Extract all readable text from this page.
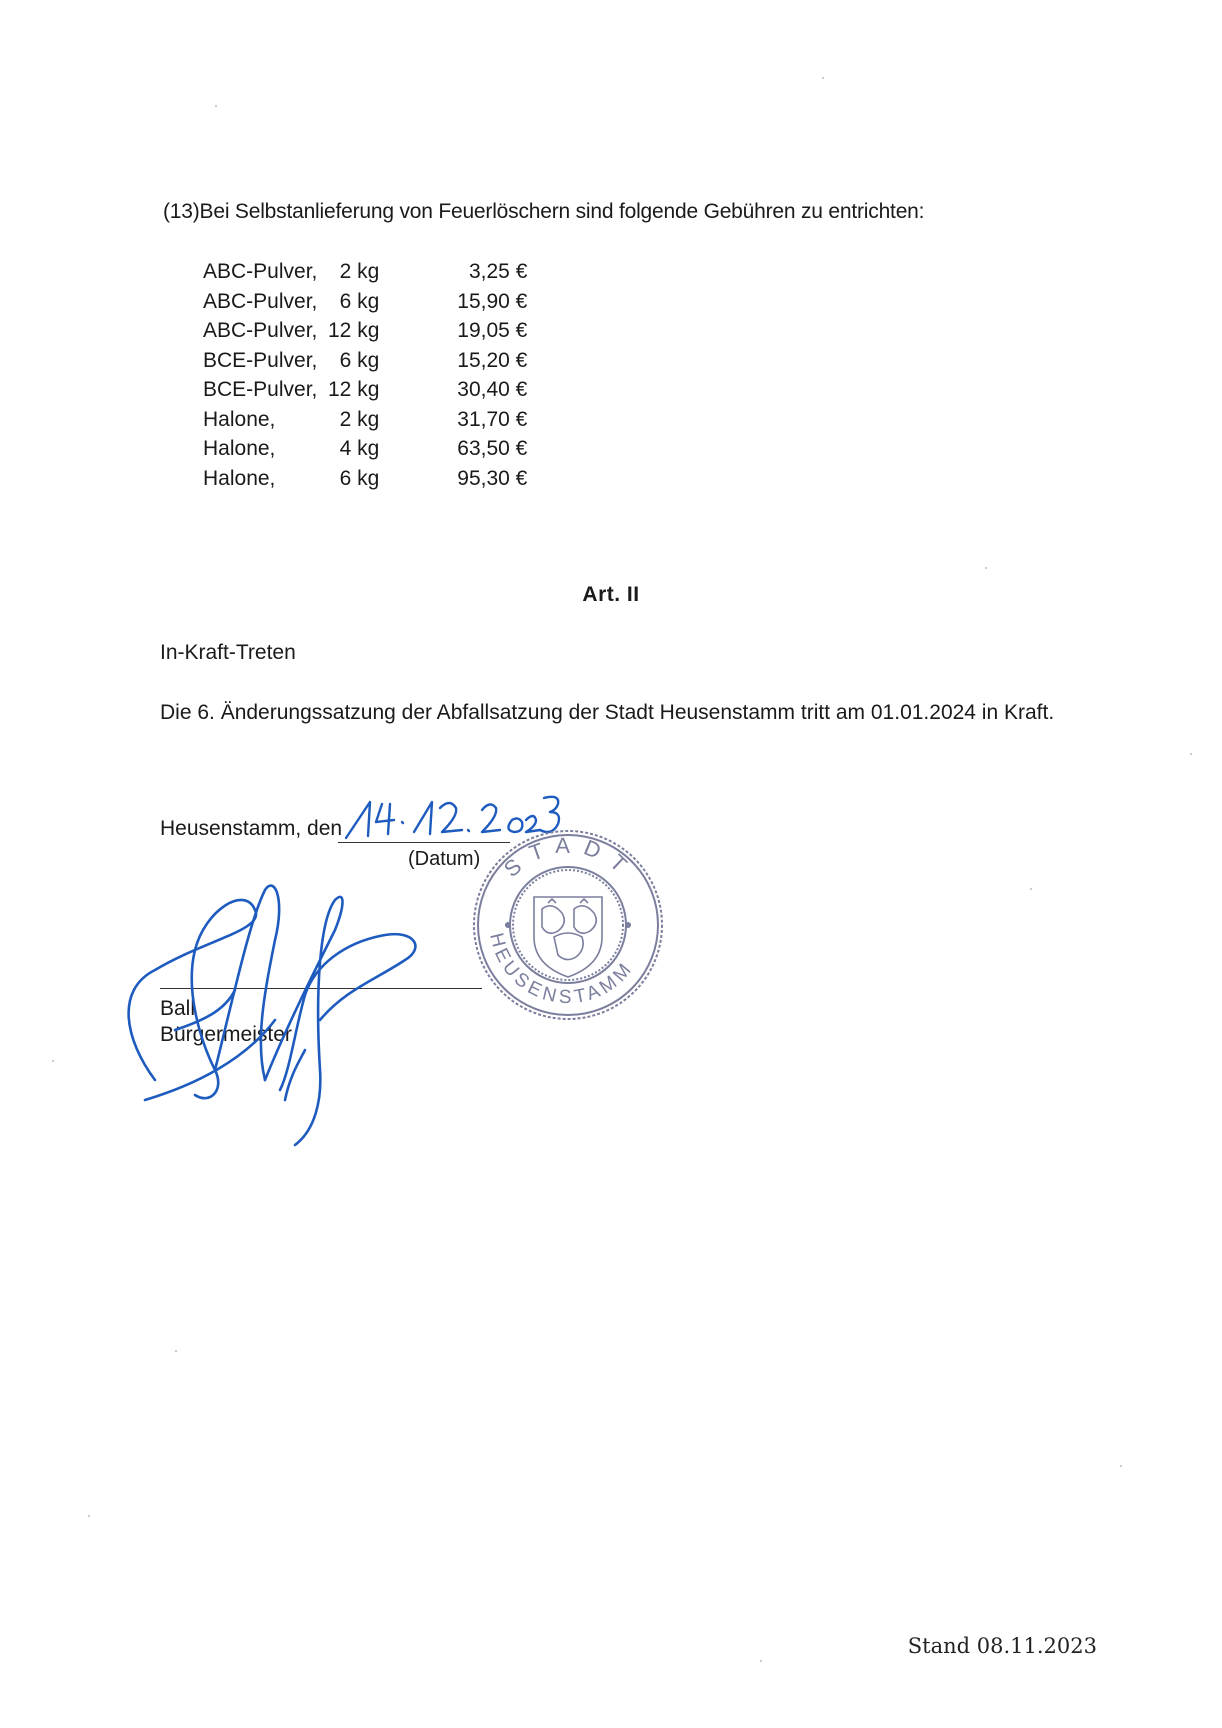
(13)Bei Selbstanlieferung von Feuerlöschern sind folgende Gebühren zu entrichten:
ABC-Pulver,	2 kg	3,25 €
ABC-Pulver,	6 kg	15,90 €
ABC-Pulver,	12 kg	19,05 €
BCE-Pulver,	6 kg	15,20 €
BCE-Pulver,	12 kg	30,40 €
Halone,	2 kg	31,70 €
Halone,	4 kg	63,50 €
Halone,	6 kg	95,30 €
Art. II
In-Kraft-Treten
Die 6. Änderungssatzung der Abfallsatzung der Stadt Heusenstamm tritt am 01.01.2024 in Kraft.
Heusenstamm, den
(Datum) STADT
HEUSENSTAMM
Ball
Bürgermeister
Stand 08.11.2023
